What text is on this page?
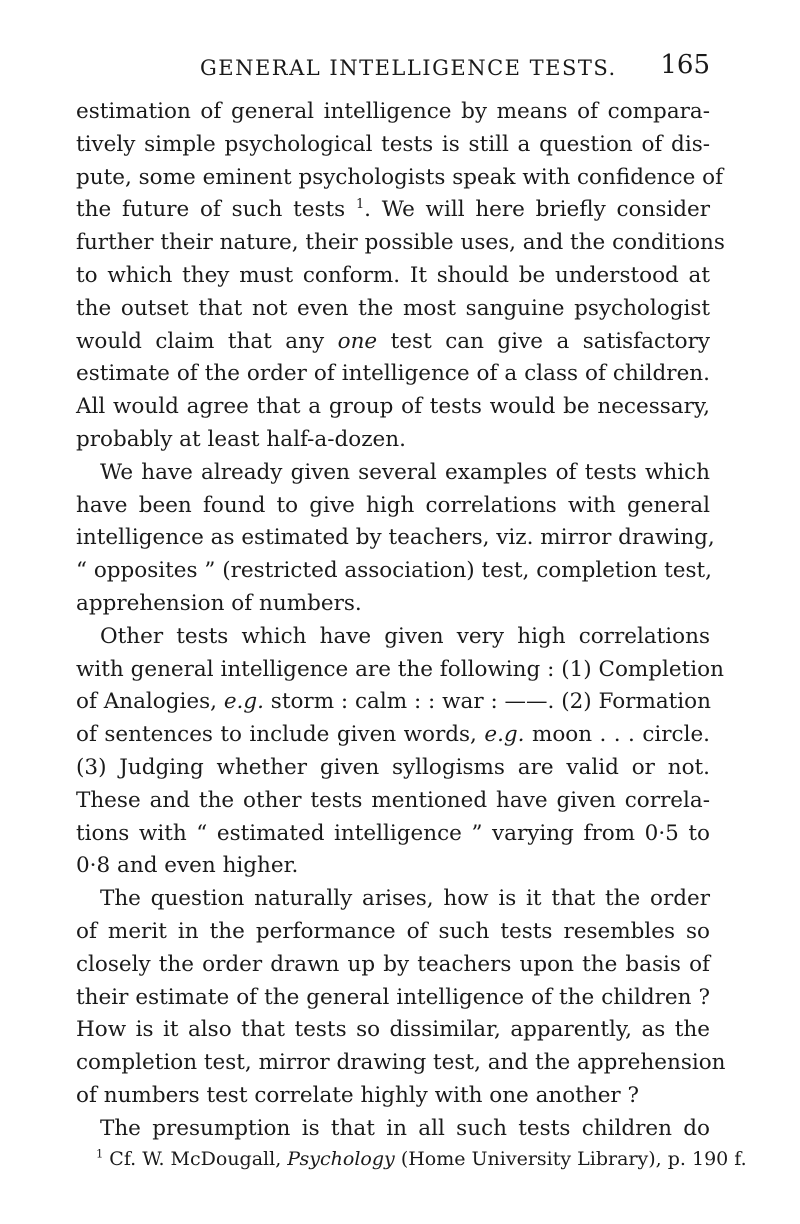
GENERAL INTELLIGENCE TESTS. 165
estimation of general intelligence by means of compara-
tively simple psychological tests is still a question of dis-
pute, some eminent psychologists speak with confidence of
the future of such tests $^1$. We will here briefly consider
further their nature, their possible uses, and the conditions
to which they must conform. It should be understood at
the outset that not even the most sanguine psychologist
would claim that any one test can give a satisfactory
estimate of the order of intelligence of a class of children.
All would agree that a group of tests would be necessary,
probably at least half-a-dozen.
We have already given several examples of tests which
have been found to give high correlations with general
intelligence as estimated by teachers, viz. mirror drawing,
“ opposites ” (restricted association) test, completion test,
apprehension of numbers.
Other tests which have given very high correlations
with general intelligence are the following : (1) Completion
of Analogies, e.g. storm : calm : : war : ——. (2) Formation
of sentences to include given words, e.g. moon . . . circle.
(3) Judging whether given syllogisms are valid or not.
These and the other tests mentioned have given correla-
tions with “ estimated intelligence ” varying from 0·5 to
0·8 and even higher.
The question naturally arises, how is it that the order
of merit in the performance of such tests resembles so
closely the order drawn up by teachers upon the basis of
their estimate of the general intelligence of the children ?
How is it also that tests so dissimilar, apparently, as the
completion test, mirror drawing test, and the apprehension
of numbers test correlate highly with one another ?
The presumption is that in all such tests children do
$^1$ Cf. W. McDougall, Psychology (Home University Library), p. 190 f.
